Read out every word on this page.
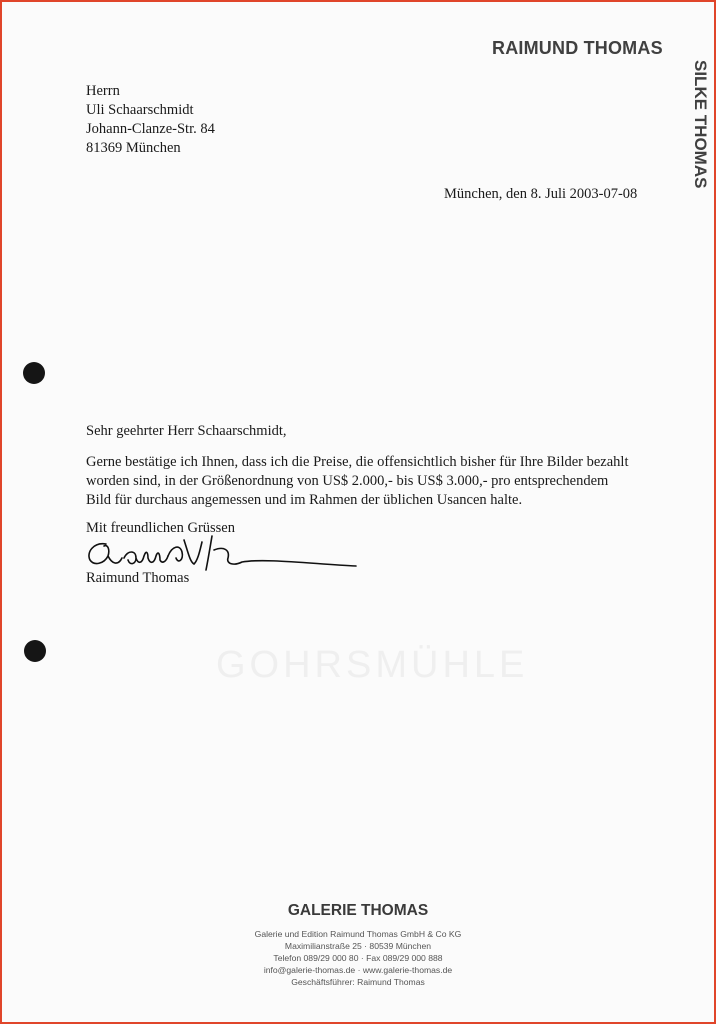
RAIMUND THOMAS
SILKE THOMAS
Herrn
Uli Schaarschmidt
Johann-Clanze-Str. 84
81369 München
München, den 8. Juli 2003-07-08
GOHRSMÜHLE
Sehr geehrter Herr Schaarschmidt,
Gerne bestätige ich Ihnen, dass ich die Preise, die offensichtlich bisher für Ihre Bilder bezahlt
worden sind, in der Größenordnung von US$ 2.000,- bis US$ 3.000,- pro entsprechendem
Bild für durchaus angemessen und im Rahmen der üblichen Usancen halte.
Mit freundlichen Grüssen
Raimund Thomas
GALERIE THOMAS
Galerie und Edition Raimund Thomas GmbH & Co KG
Maximilianstraße 25 · 80539 München
Telefon 089/29 000 80 · Fax 089/29 000 888
info@galerie-thomas.de · www.galerie-thomas.de
Geschäftsführer: Raimund Thomas
